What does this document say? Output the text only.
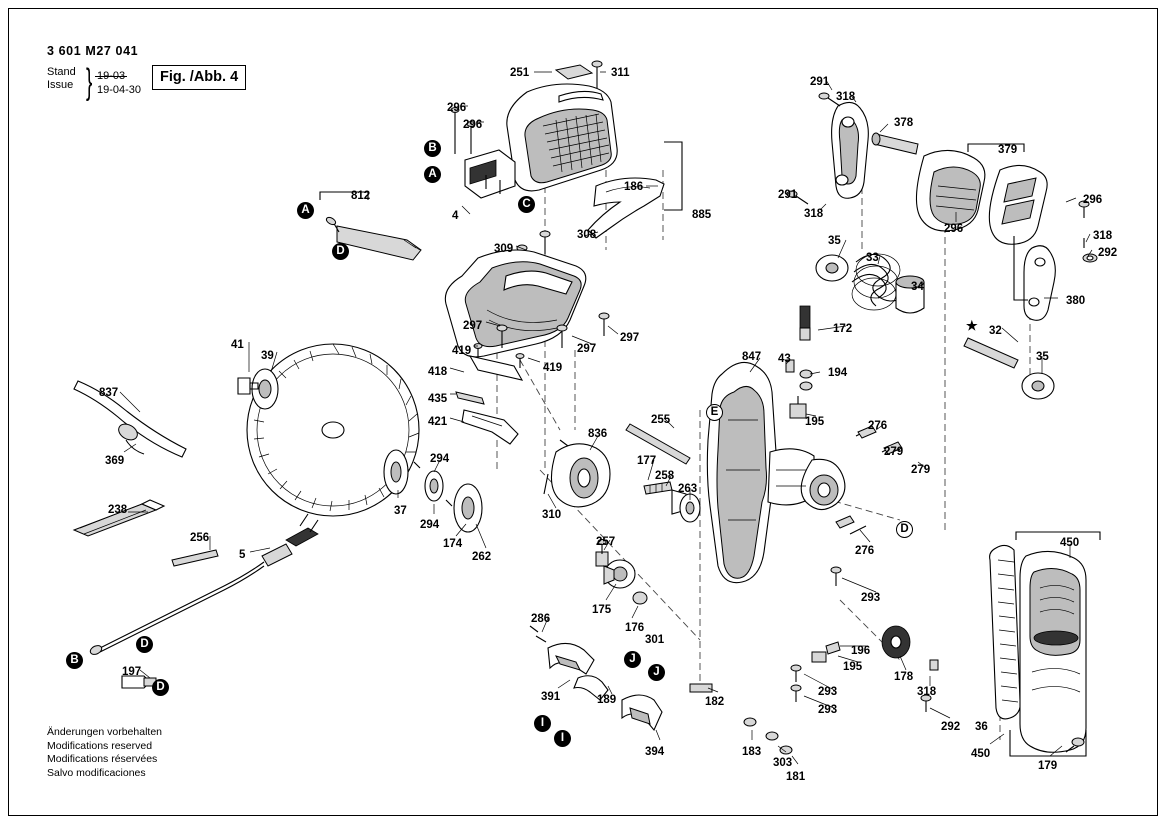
3 601 M27 041
Stand
Issue } 19-03
19-04-30
Fig. /Abb. 4
Änderungen vorbehalten
Modifications reserved
Modifications réservées
Salvo modificaciones
251	311
296
296
186
885
4
812
308
309
297
297
297
419
419
418
435
421
41
39
837
369
238
256
5
197
37
294
294
174
262
310
836
257
175
176
301
177
258
263
255
286
391	189
394
182
183
303
181
847 43
194
195	276
279
279
276
293
196
195
178
318
293
293
292 36
450
450
179
291
318
378
379
291
318
296
296
318
292
380
35
33
34
172	32
35
B
A
C
A
D
B
D
D
E
D
J
J
I
I
★
